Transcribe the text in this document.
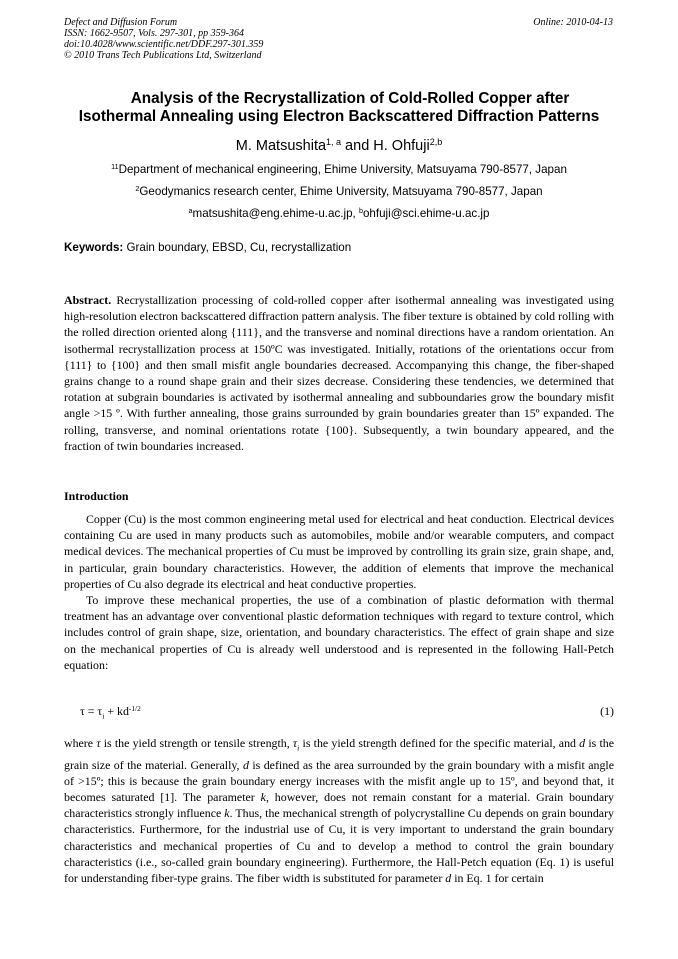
Defect and Diffusion Forum
ISSN: 1662-9507, Vols. 297-301, pp 359-364
doi:10.4028/www.scientific.net/DDF.297-301.359
© 2010 Trans Tech Publications Ltd, Switzerland
Online: 2010-04-13
Analysis of the Recrystallization of Cold-Rolled Copper after
Isothermal Annealing using Electron Backscattered Diffraction Patterns
M. Matsushita$^{1, a}$ and H. Ohfuji$^{2,b}$
$^{11}$Department of mechanical engineering, Ehime University, Matsuyama 790-8577, Japan
$^2$Geodymanics research center, Ehime University, Matsuyama 790-8577, Japan
$^a$matsushita@eng.ehime-u.ac.jp, $^b$ohfuji@sci.ehime-u.ac.jp
Keywords: Grain boundary, EBSD, Cu, recrystallization

Abstract. Recrystallization processing of cold-rolled copper after isothermal annealing was investigated using high-resolution electron backscattered diffraction pattern analysis. The fiber texture is obtained by cold rolling with the rolled direction oriented along {111}, and the transverse and nominal directions have a random orientation. An isothermal recrystallization process at 150ºC was investigated. Initially, rotations of the orientations occur from {111} to {100} and then small misfit angle boundaries decreased. Accompanying this change, the fiber-shaped grains change to a round shape grain and their sizes decrease. Considering these tendencies, we determined that rotation at subgrain boundaries is activated by isothermal annealing and subboundaries grow the boundary misfit angle >15 º. With further annealing, those grains surrounded by grain boundaries greater than 15º expanded. The rolling, transverse, and nominal orientations rotate {100}. Subsequently, a twin boundary appeared, and the fraction of twin boundaries increased.

Introduction

Copper (Cu) is the most common engineering metal used for electrical and heat conduction. Electrical devices containing Cu are used in many products such as automobiles, mobile and/or wearable computers, and compact medical devices. The mechanical properties of Cu must be improved by controlling its grain size, grain shape, and, in particular, grain boundary characteristics. However, the addition of elements that improve the mechanical properties of Cu also degrade its electrical and heat conductive properties.

To improve these mechanical properties, the use of a combination of plastic deformation with thermal treatment has an advantage over conventional plastic deformation techniques with regard to texture control, which includes control of grain shape, size, orientation, and boundary characteristics. The effect of grain shape and size on the mechanical properties of Cu is already well understood and is represented in the following Hall-Petch equation:

$\tau = \tau_i + kd^{-1/2}$	(1)

where τ is the yield strength or tensile strength, $\tau_i$ is the yield strength defined for the specific material, and d is the grain size of the material. Generally, d is defined as the area surrounded by the grain boundary with a misfit angle of >15º; this is because the grain boundary energy increases with the misfit angle up to 15º, and beyond that, it becomes saturated [1]. The parameter k, however, does not remain constant for a material. Grain boundary characteristics strongly influence k. Thus, the mechanical strength of polycrystalline Cu depends on grain boundary characteristics. Furthermore, for the industrial use of Cu, it is very important to understand the grain boundary characteristics and mechanical properties of Cu and to develop a method to control the grain boundary characteristics (i.e., so-called grain boundary engineering). Furthermore, the Hall-Petch equation (Eq. 1) is useful for understanding fiber-type grains. The fiber width is substituted for parameter d in Eq. 1 for certain
